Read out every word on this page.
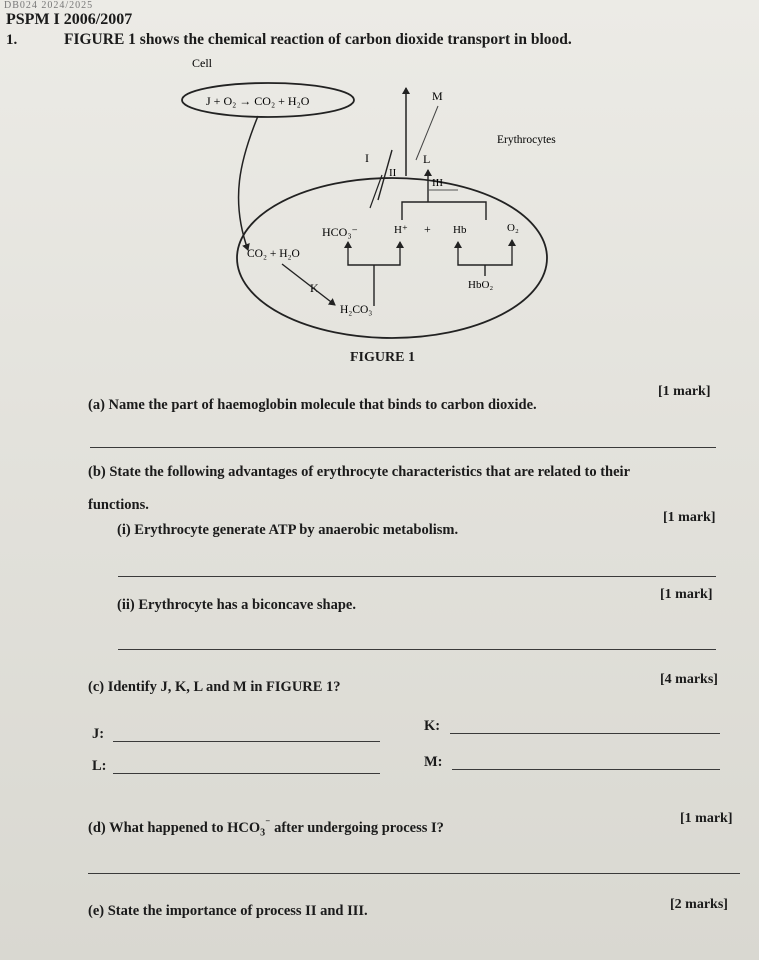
DB024 2024/2025
PSPM I 2006/2007
1.	FIGURE 1 shows the chemical reaction of carbon dioxide transport in blood.
Cell
J + O₂ → CO₂ + H₂O
Erythrocytes
M
I
II
L
III
HCO₃⁻	H⁺ + Hb	O₂
CO₂ + H₂O
K	HbO₂
H₂CO₃
FIGURE 1
(a) Name the part of haemoglobin molecule that binds to carbon dioxide.
[1 mark]
(b) State the following advantages of erythrocyte characteristics that are related to their
functions.
(i) Erythrocyte generate ATP by anaerobic metabolism.
[1 mark]
(ii) Erythrocyte has a biconcave shape.
[1 mark]
(c) Identify J, K, L and M in FIGURE 1?	[4 marks]
J:	K:
L:	M:
(d) What happened to $HCO_3^{^-}$ after undergoing process I?
[1 mark]
(e) State the importance of process II and III.	[2 marks]
